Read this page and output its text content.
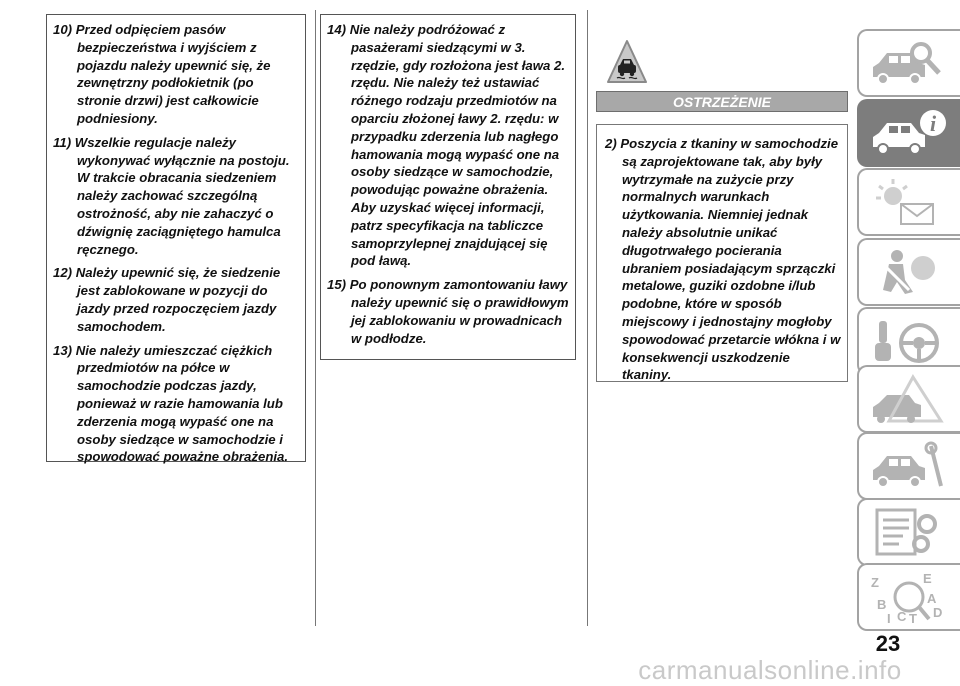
10) Przed odpięciem pasów bezpieczeństwa i wyjściem z pojazdu należy upewnić się, że zewnętrzny podłokietnik (po stronie drzwi) jest całkowicie podniesiony.

11) Wszelkie regulacje należy wykonywać wyłącznie na postoju. W trakcie obracania siedzeniem należy zachować szczególną ostrożność, aby nie zahaczyć o dźwignię zaciągniętego hamulca ręcznego.

12) Należy upewnić się, że siedzenie jest zablokowane w pozycji do jazdy przed rozpoczęciem jazdy samochodem.

13) Nie należy umieszczać ciężkich przedmiotów na półce w samochodzie podczas jazdy, ponieważ w razie hamowania lub zderzenia mogą wypaść one na osoby siedzące w samochodzie i spowodować poważne obrażenia.

14) Nie należy podróżować z pasażerami siedzącymi w 3. rzędzie, gdy rozłożona jest ława 2. rzędu. Nie należy też ustawiać różnego rodzaju przedmiotów na oparciu złożonej ławy 2. rzędu: w przypadku zderzenia lub nagłego hamowania mogą wypaść one na osoby siedzące w samochodzie, powodując poważne obrażenia. Aby uzyskać więcej informacji, patrz specyfikacja na tabliczce samoprzylepnej znajdującej się pod ławą.

15) Po ponownym zamontowaniu ławy należy upewnić się o prawidłowym jej zablokowaniu w prowadnicach w podłodze.

OSTRZEŻENIE

2) Poszycia z tkaniny w samochodzie są zaprojektowane tak, aby były wytrzymałe na zużycie przy normalnych warunkach użytkowania. Niemniej jednak należy absolutnie unikać długotrwałego pocierania ubraniem posiadającym sprzączki metalowe, guziki ozdobne i/lub podobne, które w sposób miejscowy i jednostajny mogłoby spowodować przetarcie włókna i w konsekwencji uszkodzenie tkaniny.

i
Z	E
B	A
I C T D
23
carmanualsonline.info
